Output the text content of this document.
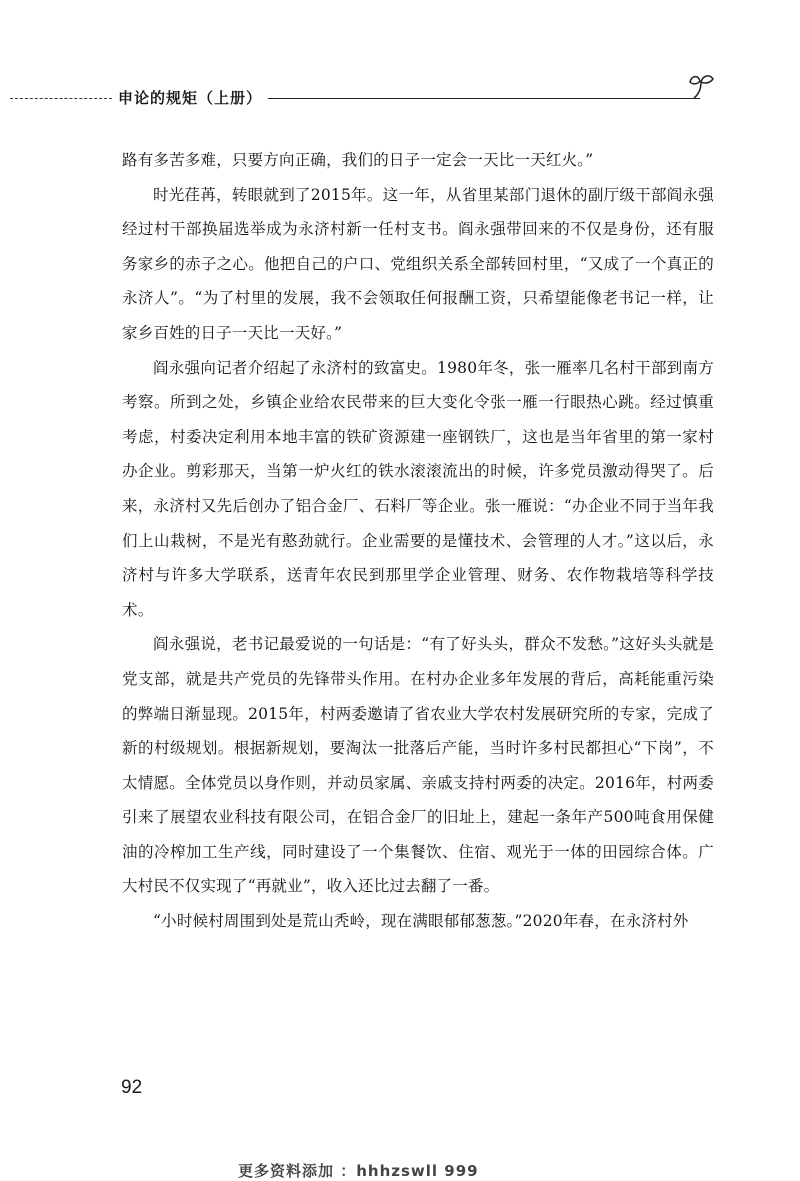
申论的规矩（上册）

路有多苦多难，只要方向正确，我们的日子一定会一天比一天红火。”

时光荏苒，转眼就到了2015年。这一年，从省里某部门退休的副厅级干部阎永强经过村干部换届选举成为永济村新一任村支书。阎永强带回来的不仅是身份，还有服务家乡的赤子之心。他把自己的户口、党组织关系全部转回村里，“又成了一个真正的永济人”。“为了村里的发展，我不会领取任何报酬工资，只希望能像老书记一样，让家乡百姓的日子一天比一天好。”

阎永强向记者介绍起了永济村的致富史。1980年冬，张一雁率几名村干部到南方考察。所到之处，乡镇企业给农民带来的巨大变化令张一雁一行眼热心跳。经过慎重考虑，村委决定利用本地丰富的铁矿资源建一座钢铁厂，这也是当年省里的第一家村办企业。剪彩那天，当第一炉火红的铁水滚滚流出的时候，许多党员激动得哭了。后来，永济村又先后创办了铝合金厂、石料厂等企业。张一雁说：“办企业不同于当年我们上山栽树，不是光有憨劲就行。企业需要的是懂技术、会管理的人才。”这以后，永济村与许多大学联系，送青年农民到那里学企业管理、财务、农作物栽培等科学技术。

阎永强说，老书记最爱说的一句话是：“有了好头头，群众不发愁。”这好头头就是党支部，就是共产党员的先锋带头作用。在村办企业多年发展的背后，高耗能重污染的弊端日渐显现。2015年，村两委邀请了省农业大学农村发展研究所的专家，完成了新的村级规划。根据新规划，要淘汰一批落后产能，当时许多村民都担心“下岗”，不太情愿。全体党员以身作则，并动员家属、亲戚支持村两委的决定。2016年，村两委引来了展望农业科技有限公司，在铝合金厂的旧址上，建起一条年产500吨食用保健油的冷榨加工生产线，同时建设了一个集餐饮、住宿、观光于一体的田园综合体。广大村民不仅实现了“再就业”，收入还比过去翻了一番。

“小时候村周围到处是荒山秃岭，现在满眼郁郁葱葱。”2020年春，在永济村外

92
更多资料添加 ：hhhzswll 999
